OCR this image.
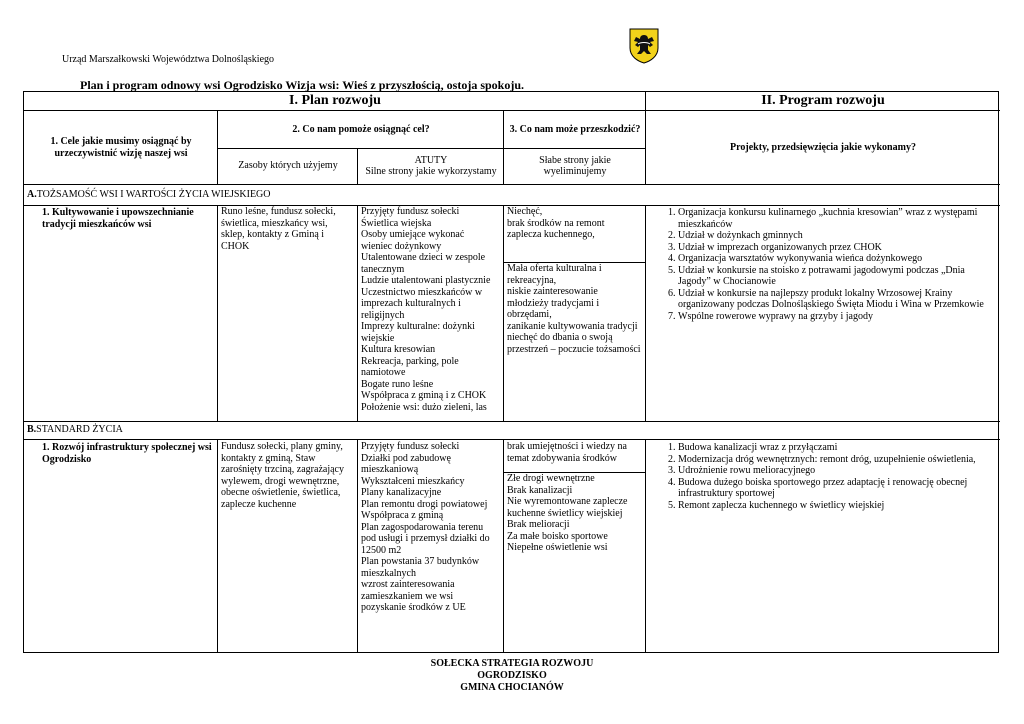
Urząd Marszałkowski Województwa Dolnośląskiego
Plan i program odnowy wsi Ogrodzisko Wizja wsi: Wieś z przyszłością, ostoja spokoju.
I. Plan rozwoju	II. Program rozwoju
1. Cele jakie musimy osiągnąć by urzeczywistnić wizję naszej wsi
2. Co nam pomoże osiągnąć cel?	3. Co nam może przeszkodzić?
Projekty, przedsięwzięcia jakie wykonamy?
Zasoby których użyjemy
ATUTY
Silne strony jakie wykorzystamy
Słabe strony jakie
wyeliminujemy
A. TOŻSAMOŚĆ WSI I WARTOŚCI ŻYCIA WIEJSKIEGO
1. Kultywowanie i upowszechnianie tradycji mieszkańców wsi
Runo leśne, fundusz sołecki,
świetlica, mieszkańcy wsi,
sklep, kontakty z Gminą i
CHOK
Przyjęty fundusz sołecki
Świetlica wiejska
Osoby umiejące wykonać
wieniec dożynkowy
Utalentowane dzieci w zespole
tanecznym
Ludzie utalentowani plastycznie
Uczestnictwo mieszkańców w
imprezach kulturalnych i
religijnych
Imprezy kulturalne: dożynki
wiejskie
Kultura kresowian
Rekreacja, parking, pole
namiotowe
Bogate runo leśne
Współpraca z gminą i z CHOK
Położenie wsi: dużo zieleni, las
Niechęć,
brak środków na remont
zaplecza kuchennego,
Mała oferta kulturalna i
rekreacyjna,
niskie zainteresowanie
młodzieży tradycjami i
obrzędami,
zanikanie kultywowania tradycji
niechęć do dbania o swoją
przestrzeń – poczucie tożsamości
1. Organizacja konkursu kulinarnego „kuchnia kresowian” wraz z występami mieszkańców
2. Udział w dożynkach gminnych
3. Udział w imprezach organizowanych przez CHOK
4. Organizacja warsztatów wykonywania wieńca dożynkowego
5. Udział w konkursie na stoisko z potrawami jagodowymi podczas „Dnia Jagody” w Chocianowie
6. Udział w konkursie na najlepszy produkt lokalny Wrzosowej Krainy organizowany podczas Dolnośląskiego Święta Miodu i Wina w Przemkowie
7. Wspólne rowerowe wyprawy na grzyby i jagody
B. STANDARD ŻYCIA
1. Rozwój infrastruktury społecznej wsi Ogrodzisko
Fundusz sołecki, plany gminy,
kontakty z gminą, Staw
zarośnięty trzciną, zagrażający
wylewem, drogi wewnętrzne,
obecne oświetlenie, świetlica,
zaplecze kuchenne
Przyjęty fundusz sołecki
Działki pod zabudowę
mieszkaniową
Wykształceni mieszkańcy
Plany kanalizacyjne
Plan remontu drogi powiatowej
Współpraca z gminą
Plan zagospodarowania terenu
pod usługi i przemysł działki do
12500 m2
Plan powstania 37 budynków
mieszkalnych
wzrost zainteresowania
zamieszkaniem we wsi
pozyskanie środków z UE
brak umiejętności i wiedzy na
temat zdobywania środków
Złe drogi wewnętrzne
Brak kanalizacji
Nie wyremontowane zaplecze
kuchenne świetlicy wiejskiej
Brak melioracji
Za małe boisko sportowe
Niepełne oświetlenie wsi
1. Budowa kanalizacji wraz z przyłączami
2. Modernizacja dróg wewnętrznych: remont dróg, uzupełnienie oświetlenia,
3. Udrożnienie rowu melioracyjnego
4. Budowa dużego boiska sportowego przez adaptację i renowację obecnej infrastruktury sportowej
5. Remont zaplecza kuchennego w świetlicy wiejskiej
SOŁECKA STRATEGIA ROZWOJU
OGRODZISKO
GMINA CHOCIANÓW
